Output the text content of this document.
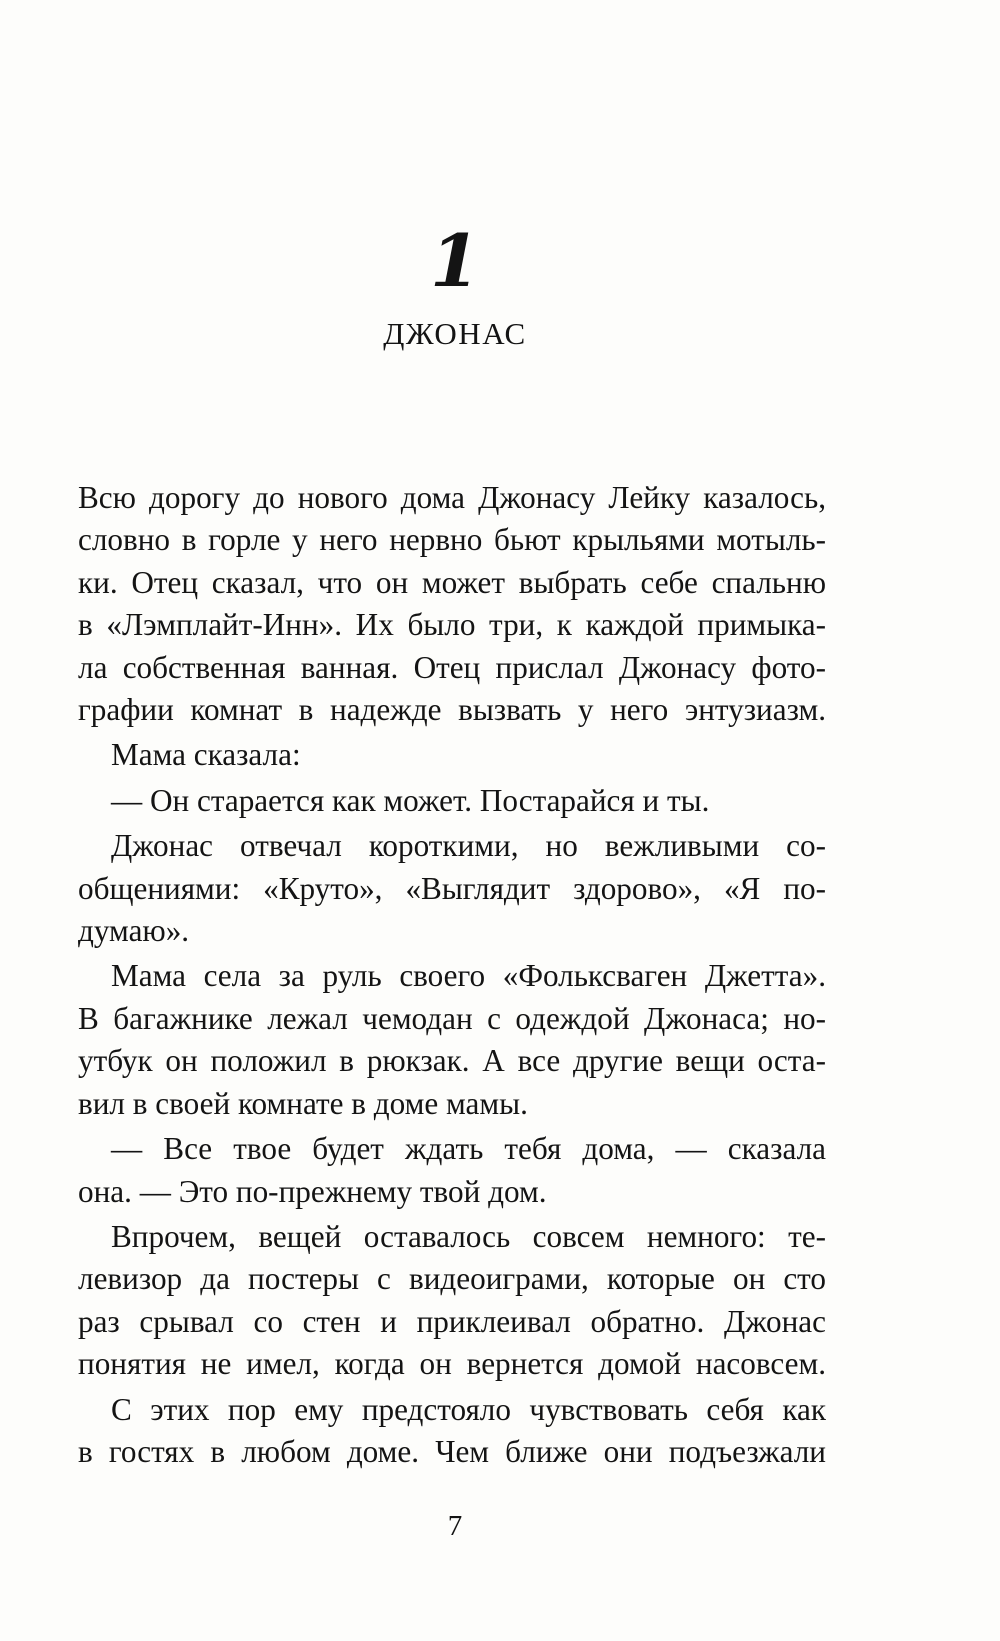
1
ДЖОНАС
Всю дорогу до нового дома Джонасу Лейку казалось,
словно в горле у него нервно бьют крыльями мотыль-
ки. Отец сказал, что он может выбрать себе спальню
в «Лэмплайт-Инн». Их было три, к каждой примыка-
ла собственная ванная. Отец прислал Джонасу фото-
графии комнат в надежде вызвать у него энтузиазм.
Мама сказала:
— Он старается как может. Постарайся и ты.
Джонас отвечал короткими, но вежливыми со-
общениями: «Круто», «Выглядит здорово», «Я по-
думаю».
Мама села за руль своего «Фольксваген Джетта».
В багажнике лежал чемодан с одеждой Джонаса; но-
утбук он положил в рюкзак. А все другие вещи оста-
вил в своей комнате в доме мамы.
— Все твое будет ждать тебя дома, — сказала
она. — Это по-прежнему твой дом.
Впрочем, вещей оставалось совсем немного: те-
левизор да постеры с видеоиграми, которые он сто
раз срывал со стен и приклеивал обратно. Джонас
понятия не имел, когда он вернется домой насовсем.
С этих пор ему предстояло чувствовать себя как
в гостях в любом доме. Чем ближе они подъезжали
7
